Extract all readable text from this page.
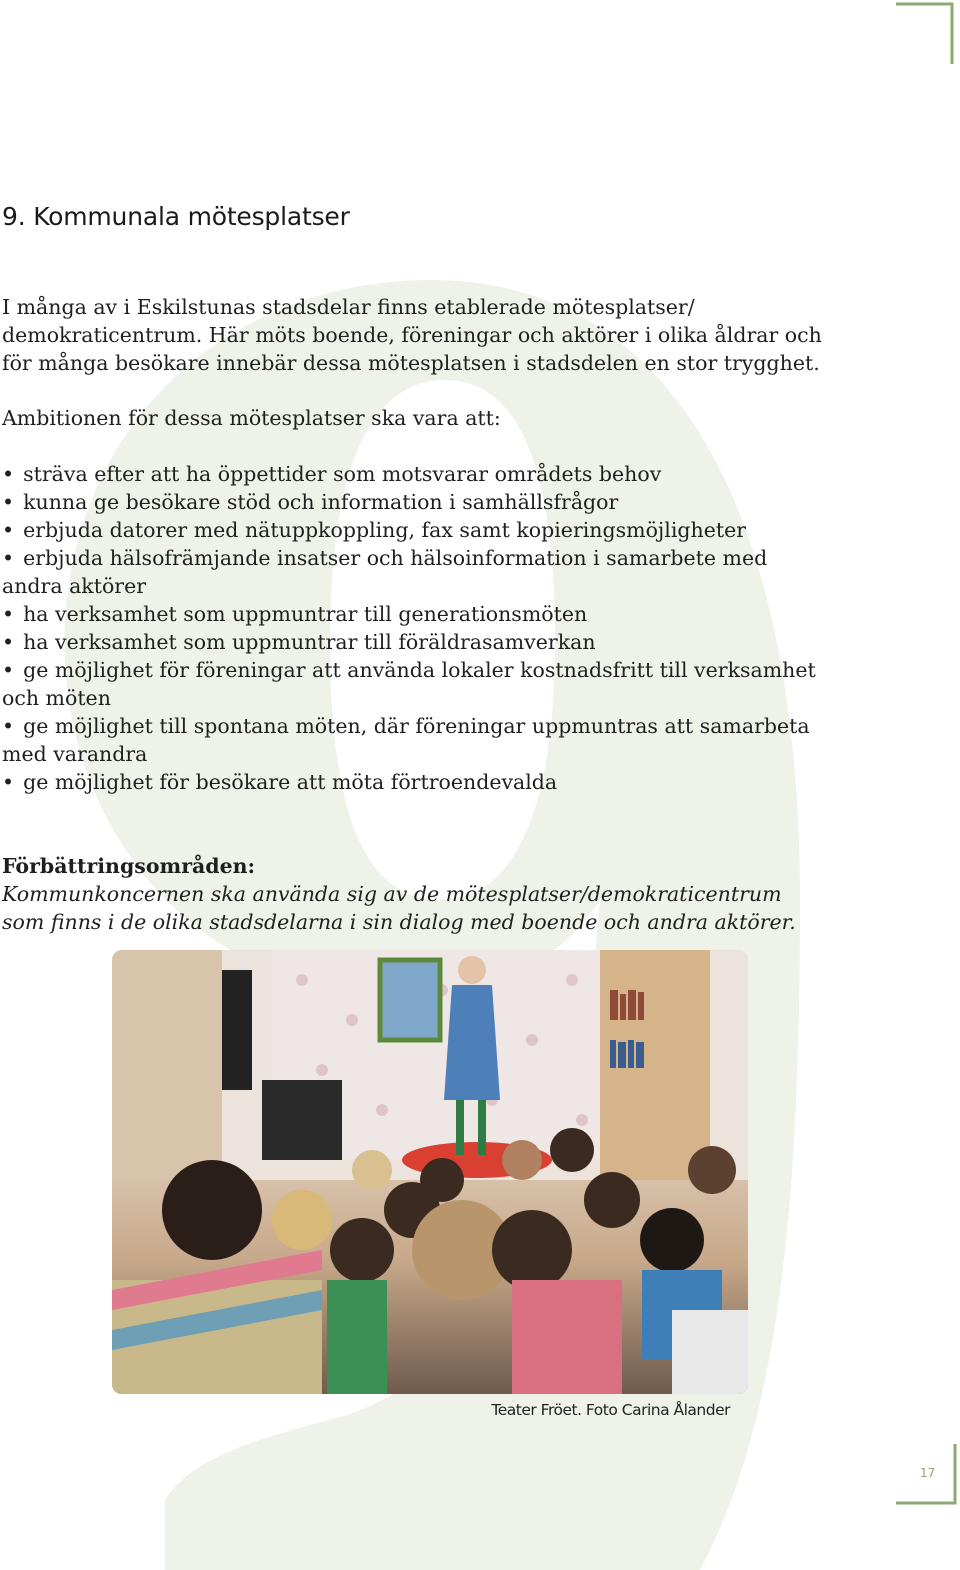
9. Kommunala mötesplatser

I många av i Eskilstunas stadsdelar finns etablerade mötesplatser/

demokraticentrum. Här möts boende, föreningar och aktörer i olika åldrar och

för många besökare innebär dessa mötesplatsen i stadsdelen en stor trygghet.

Ambitionen för dessa mötesplatser ska vara att:

• sträva efter att ha öppettider som motsvarar områdets behov
• kunna ge besökare stöd och information i samhällsfrågor
• erbjuda datorer med nätuppkoppling, fax samt kopieringsmöjligheter
• erbjuda hälsofrämjande insatser och hälsoinformation i samarbete med
andra aktörer
• ha verksamhet som uppmuntrar till generationsmöten
• ha verksamhet som uppmuntrar till föräldrasamverkan
• ge möjlighet för föreningar att använda lokaler kostnadsfritt till verksamhet
och möten
• ge möjlighet till spontana möten, där föreningar uppmuntras att samarbeta
med varandra
• ge möjlighet för besökare att möta förtroendevalda
Förbättringsområden:
Kommunkoncernen ska använda sig av de mötesplatser/demokraticentrum
som finns i de olika stadsdelarna i sin dialog med boende och andra aktörer.
Teater Fröet. Foto Carina Ålander
17
